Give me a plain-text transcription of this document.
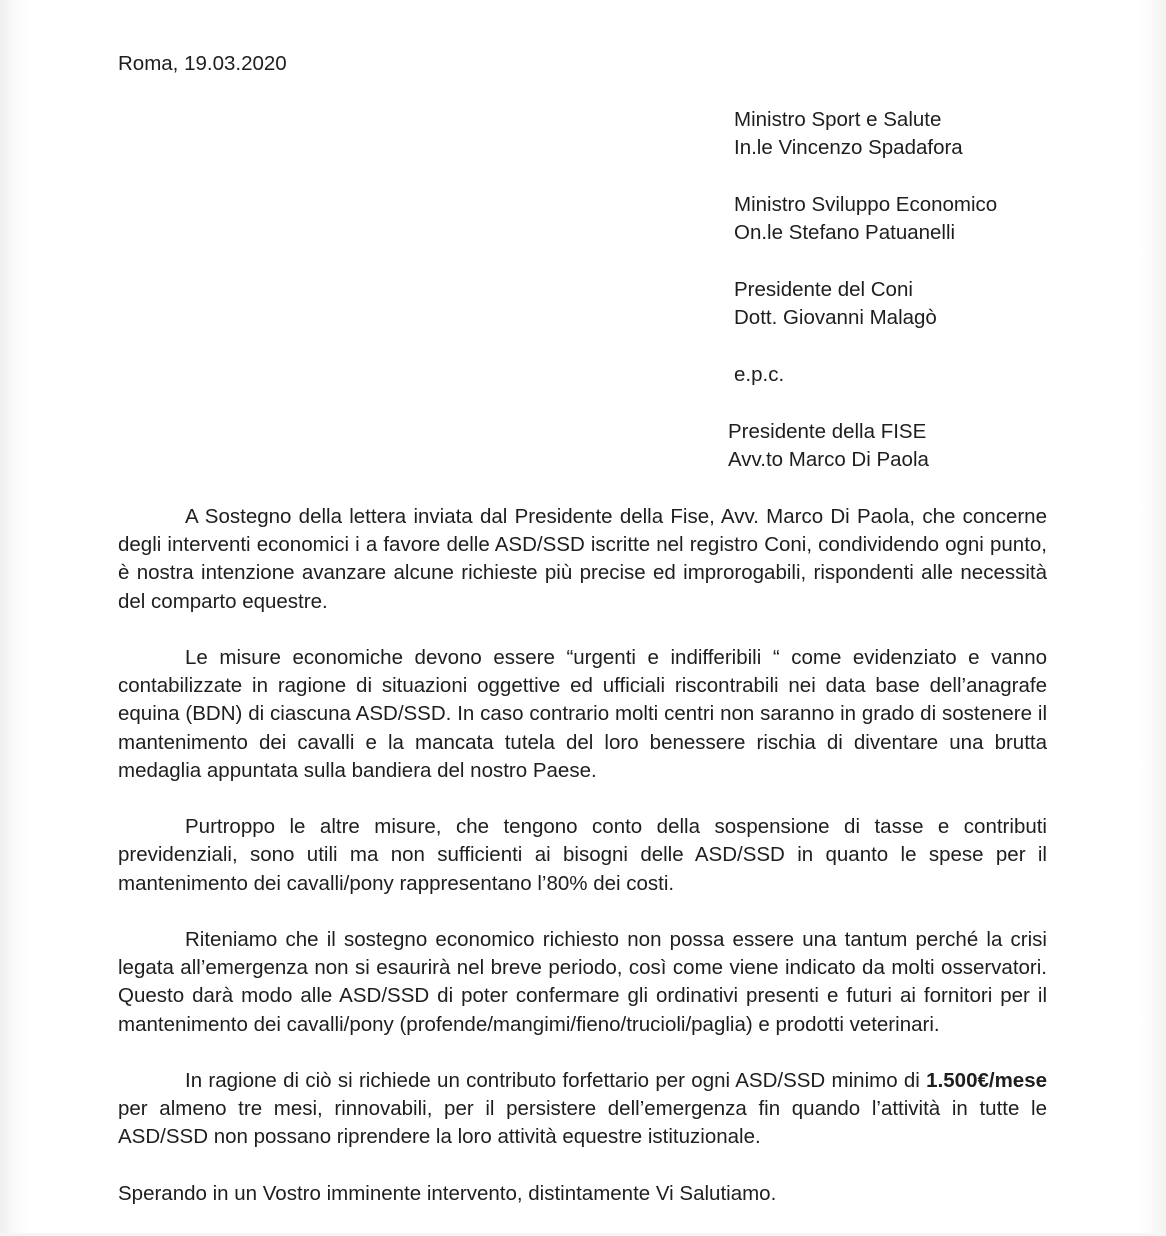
Roma, 19.03.2020
Ministro Sport e Salute
In.le Vincenzo Spadafora
Ministro Sviluppo Economico
On.le Stefano Patuanelli
Presidente del Coni
Dott. Giovanni Malagò
e.p.c.
Presidente della FISE
Avv.to Marco Di Paola

A Sostegno della lettera inviata dal Presidente della Fise, Avv. Marco Di Paola, che concerne degli interventi economici i a favore delle ASD/SSD iscritte nel registro Coni, condividendo ogni punto, è nostra intenzione avanzare alcune richieste più precise ed improrogabili, rispondenti alle necessità del comparto equestre.

Le misure economiche devono essere “urgenti e indifferibili “ come evidenziato e vanno contabilizzate in ragione di situazioni oggettive ed ufficiali riscontrabili nei data base dell’anagrafe equina (BDN) di ciascuna ASD/SSD. In caso contrario molti centri non saranno in grado di sostenere il mantenimento dei cavalli e la mancata tutela del loro benessere rischia di diventare una brutta medaglia appuntata sulla bandiera del nostro Paese.

Purtroppo le altre misure, che tengono conto della sospensione di tasse e contributi previdenziali, sono utili ma non sufficienti ai bisogni delle ASD/SSD in quanto le spese per il mantenimento dei cavalli/pony rappresentano l’80% dei costi.

Riteniamo che il sostegno economico richiesto non possa essere una tantum perché la crisi legata all’emergenza non si esaurirà nel breve periodo, così come viene indicato da molti osservatori. Questo darà modo alle ASD/SSD di poter confermare gli ordinativi presenti e futuri ai fornitori per il mantenimento dei cavalli/pony (profende/mangimi/fieno/trucioli/paglia) e prodotti veterinari.

In ragione di ciò si richiede un contributo forfettario per ogni ASD/SSD minimo di 1.500€/mese per almeno tre mesi, rinnovabili, per il persistere dell’emergenza fin quando l’attività in tutte le ASD/SSD non possano riprendere la loro attività equestre istituzionale.

Sperando in un Vostro imminente intervento, distintamente Vi Salutiamo.
